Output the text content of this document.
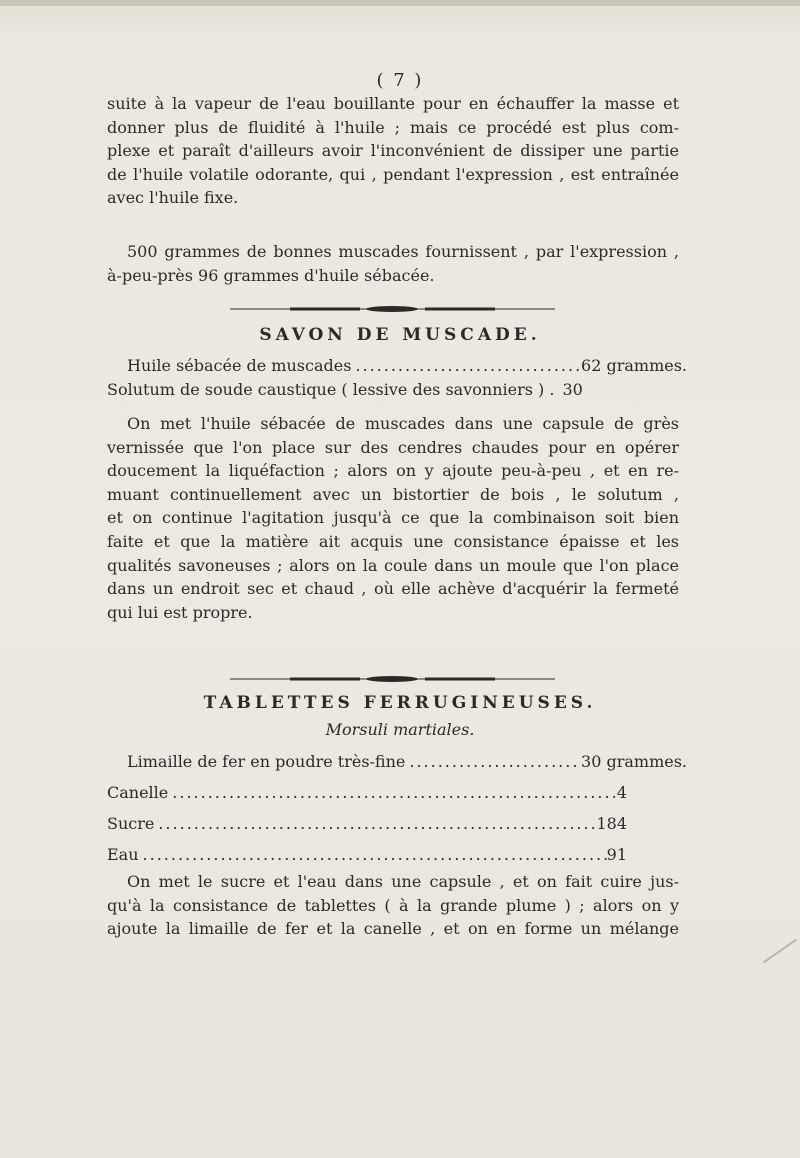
( 7 )
suite à la vapeur de l'eau bouillante pour en échauffer la masse et
donner plus de fluidité à l'huile ; mais ce procédé est plus com-
plexe et paraît d'ailleurs avoir l'inconvénient de dissiper une partie
de l'huile volatile odorante, qui , pendant l'expression , est entraînée
avec l'huile fixe.
500 grammes de bonnes muscades fournissent , par l'expression ,
à-peu-près 96 grammes d'huile sébacée.
SAVON DE MUSCADE.
Huile sébacée de muscades .....	62 grammes.
Solutum de soude caustique ( lessive des savonniers ) . 30
On met l'huile sébacée de muscades dans une capsule de grès
vernissée que l'on place sur des cendres chaudes pour en opérer
doucement la liquéfaction ; alors on y ajoute peu-à-peu , et en re-
muant continuellement avec un bistortier de bois , le solutum ,
et on continue l'agitation jusqu'à ce que la combinaison soit bien
faite et que la matière ait acquis une consistance épaisse et les
qualités savoneuses ; alors on la coule dans un moule que l'on place
dans un endroit sec et chaud , où elle achève d'acquérir la fermeté
qui lui est propre.
TABLETTES FERRUGINEUSES.
Morsuli martiales.
Limaille de fer en poudre très-fine .....	30 grammes.
Canelle .....	4
Sucre .....	184
Eau .....	91
On met le sucre et l'eau dans une capsule , et on fait cuire jus-
qu'à la consistance de tablettes ( à la grande plume ) ; alors on y
ajoute la limaille de fer et la canelle , et on en forme un mélange
